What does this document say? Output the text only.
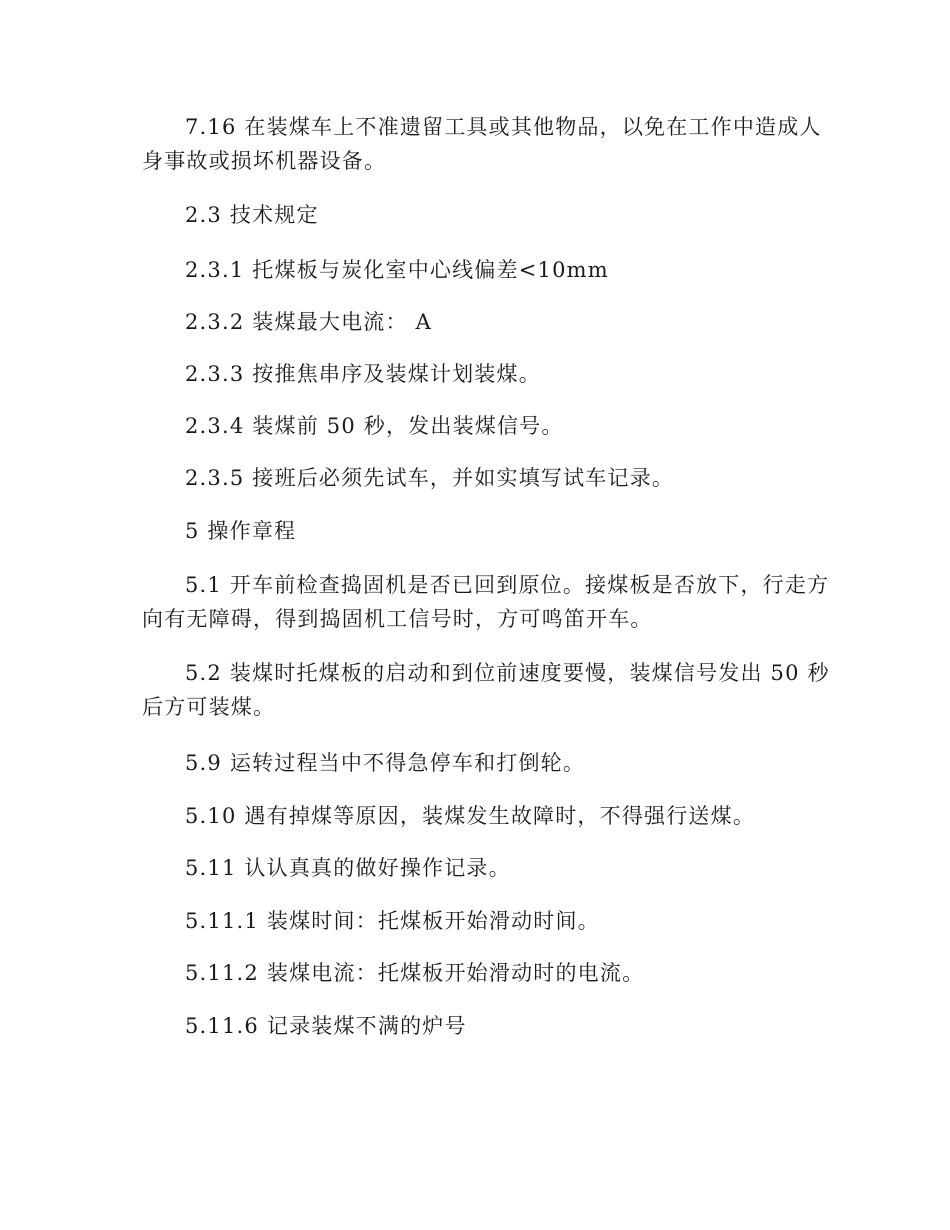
7.16 在装煤车上不准遗留工具或其他物品，以免在工作中造成人
身事故或损坏机器设备。
2.3 技术规定
2.3.1 托煤板与炭化室中心线偏差<10mm
2.3.2 装煤最大电流： A
2.3.3 按推焦串序及装煤计划装煤。
2.3.4 装煤前 50 秒，发出装煤信号。
2.3.5 接班后必须先试车，并如实填写试车记录。
5 操作章程
5.1 开车前检查捣固机是否已回到原位。接煤板是否放下，行走方
向有无障碍，得到捣固机工信号时，方可鸣笛开车。
5.2 装煤时托煤板的启动和到位前速度要慢，装煤信号发出 50 秒
后方可装煤。
5.9 运转过程当中不得急停车和打倒轮。
5.10 遇有掉煤等原因，装煤发生故障时，不得强行送煤。
5.11 认认真真的做好操作记录。
5.11.1 装煤时间：托煤板开始滑动时间。
5.11.2 装煤电流：托煤板开始滑动时的电流。
5.11.6 记录装煤不满的炉号
